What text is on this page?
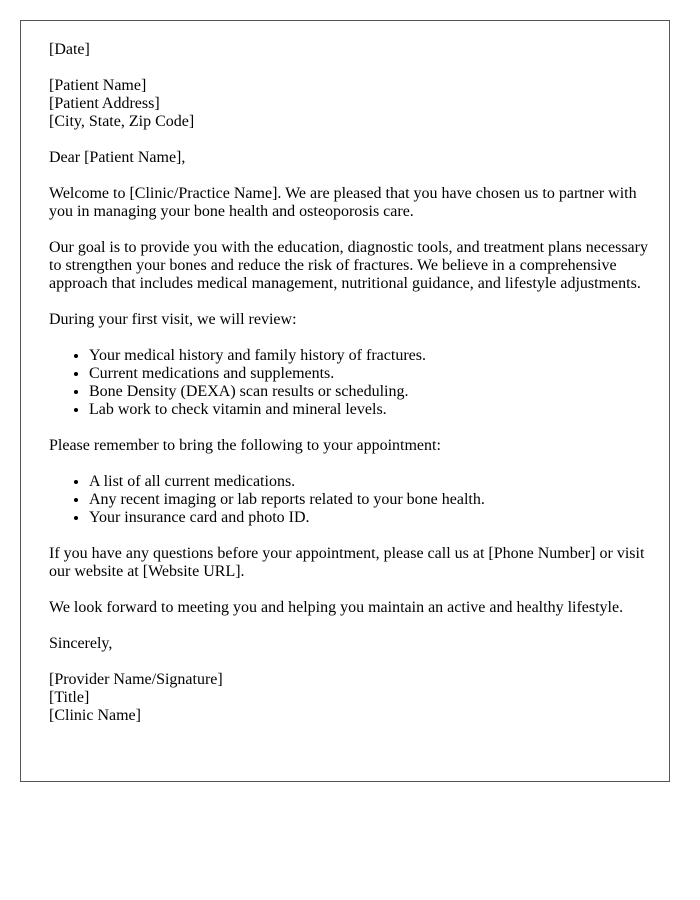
[Date]

[Patient Name]
[Patient Address]
[City, State, Zip Code]

Dear [Patient Name],

Welcome to [Clinic/Practice Name]. We are pleased that you have chosen us to partner with you in managing your bone health and osteoporosis care.

Our goal is to provide you with the education, diagnostic tools, and treatment plans necessary to strengthen your bones and reduce the risk of fractures. We believe in a comprehensive approach that includes medical management, nutritional guidance, and lifestyle adjustments.

During your first visit, we will review:

• Your medical history and family history of fractures.
• Current medications and supplements.
• Bone Density (DEXA) scan results or scheduling.
• Lab work to check vitamin and mineral levels.

Please remember to bring the following to your appointment:

• A list of all current medications.
• Any recent imaging or lab reports related to your bone health.
• Your insurance card and photo ID.

If you have any questions before your appointment, please call us at [Phone Number] or visit our website at [Website URL].

We look forward to meeting you and helping you maintain an active and healthy lifestyle.

Sincerely,

[Provider Name/Signature]
[Title]
[Clinic Name]
